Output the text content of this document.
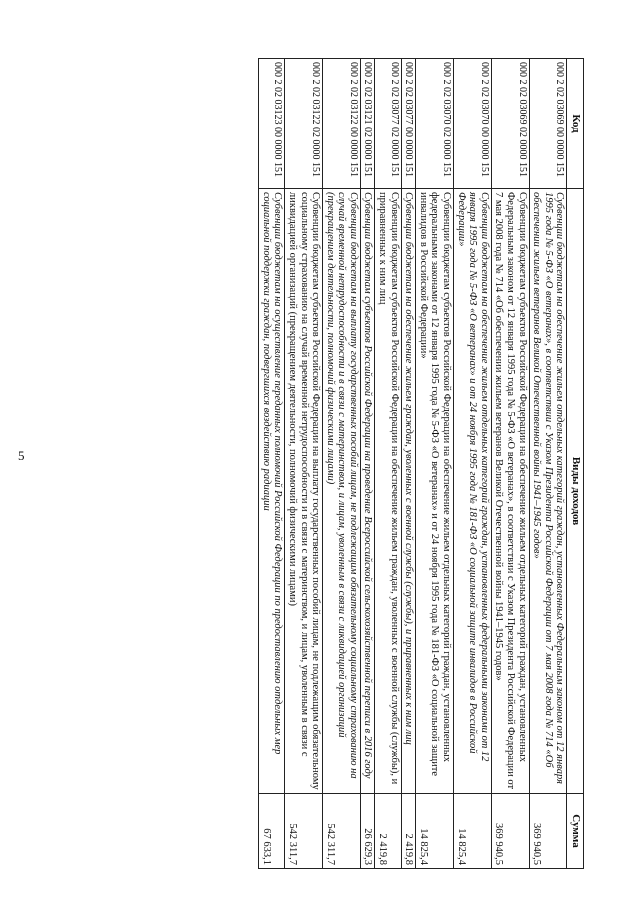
5
Код	Виды доходов	Сумма
000 2 02 03069 00 0000 151	Субвенции бюджетам на обеспечение жильем отдельных категорий граждан, установленных Федеральным законом от 12 января 1995 года № 5-ФЗ «О ветеранах», в соответствии с Указом Президента Российской Федерации от 7 мая 2008 года № 714 «Об обеспечении жильем ветеранов Великой Отечественной войны 1941–1945 годов»	369 940,5
000 2 02 03069 02 0000 151	Субвенции бюджетам субъектов Российской Федерации на обеспечение жильем отдельных категорий граждан, установленных Федеральным законом от 12 января 1995 года № 5-ФЗ «О ветеранах», в соответствии с Указом Президента Российской Федерации от 7 мая 2008 года № 714 «Об обеспечении жильем ветеранов Великой Отечественной войны 1941–1945 годов»	369 940,5
000 2 02 03070 00 0000 151	Субвенции бюджетам на обеспечение жильем отдельных категорий граждан, установленных федеральными законами от 12 января 1995 года № 5-ФЗ «О ветеранах» и от 24 ноября 1995 года № 181-ФЗ «О социальной защите инвалидов в Российской Федерации»	14 825,4
000 2 02 03070 02 0000 151	Субвенции бюджетам субъектов Российской Федерации на обеспечение жильем отдельных категорий граждан, установленных федеральными законами от 12 января 1995 года № 5-ФЗ «О ветеранах» и от 24 ноября 1995 года № 181-ФЗ «О социальной защите инвалидов в Российской Федерации»	14 825,4
000 2 02 03077 00 0000 151	Субвенции бюджетам на обеспечение жильем граждан, уволенных с военной службы (службы), и приравненных к ним лиц	2 419,8
000 2 02 03077 02 0000 151	Субвенции бюджетам субъектов Российской Федерации на обеспечение жильем граждан, уволенных с военной службы (службы), и приравненных к ним лиц	2 419,8
000 2 02 03121 02 0000 151	Субвенции бюджетам субъектов Российской Федерации на проведение Всероссийской сельскохозяйственной переписи в 2016 году	26 629,3
000 2 02 03122 00 0000 151	Субвенции бюджетам на выплату государственных пособий лицам, не подлежащим обязательному социальному страхованию на случай временной нетрудоспособности и в связи с материнством, и лицам, уволенным в связи с ликвидацией организаций (прекращением деятельности, полномочий физическими лицами)	542 311,7
000 2 02 03122 02 0000 151	Субвенции бюджетам субъектов Российской Федерации на выплату государственных пособий лицам, не подлежащим обязательному социальному страхованию на случай временной нетрудоспособности и в связи с материнством, и лицам, уволенным в связи с ликвидацией организаций (прекращением деятельности, полномочий физическими лицами)	542 311,7
000 2 02 03123 00 0000 151	Субвенции бюджетам на осуществление переданных полномочий Российской Федерации по предоставлению отдельных мер социальной поддержки граждан, подвергшихся воздействию радиации	67 633,1
